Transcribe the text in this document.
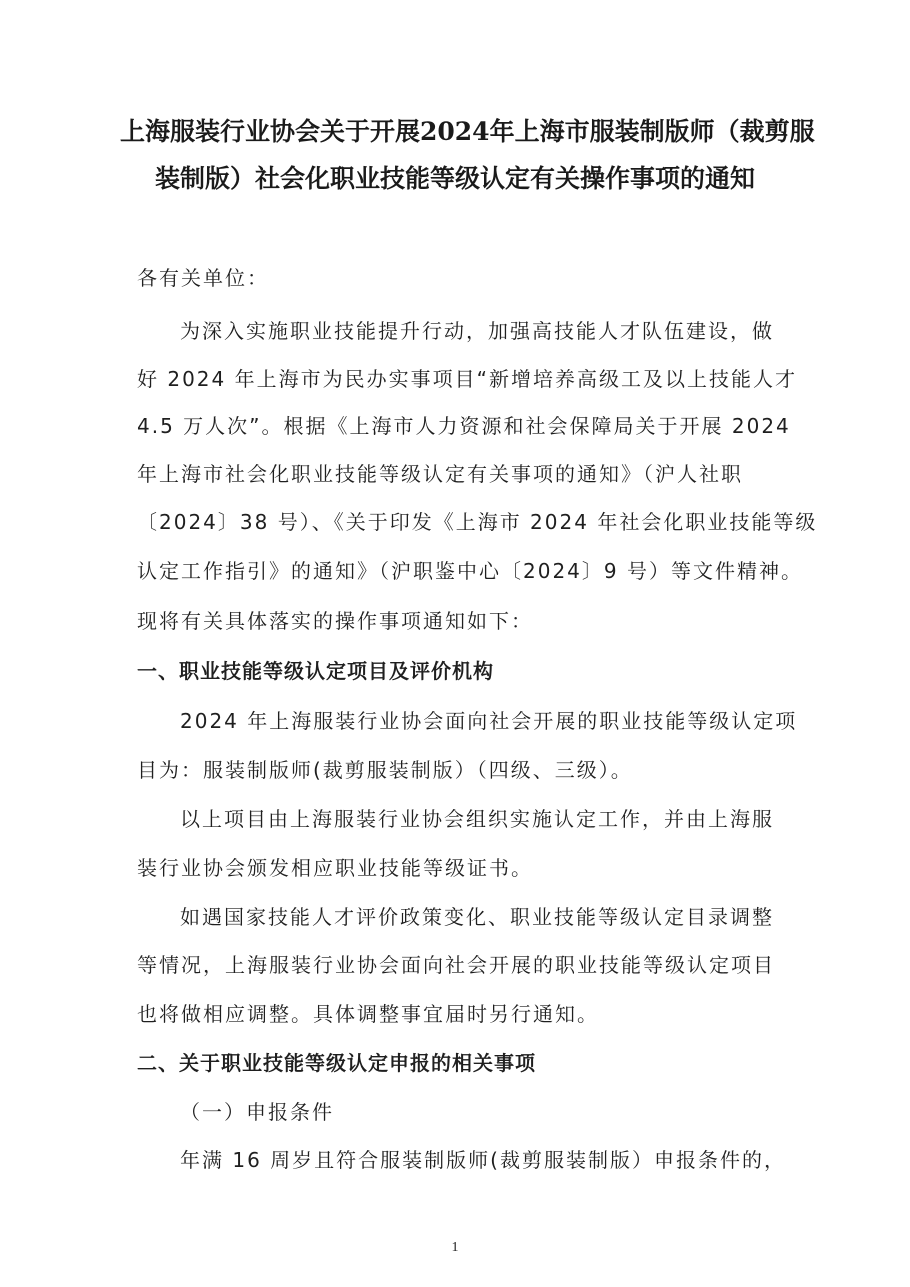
上海服装行业协会关于开展2024年上海市服装制版师（裁剪服
装制版）社会化职业技能等级认定有关操作事项的通知
各有关单位：
为深入实施职业技能提升行动，加强高技能人才队伍建设，做
好 2024 年上海市为民办实事项目“新增培养高级工及以上技能人才
4.5 万人次”。根据《上海市人力资源和社会保障局关于开展 2024
年上海市社会化职业技能等级认定有关事项的通知》（沪人社职
〔2024〕38 号）、《关于印发《上海市 2024 年社会化职业技能等级
认定工作指引》的通知》（沪职鉴中心〔2024〕9 号）等文件精神。
现将有关具体落实的操作事项通知如下：
一、职业技能等级认定项目及评价机构
2024 年上海服装行业协会面向社会开展的职业技能等级认定项
目为：服装制版师(裁剪服装制版）（四级、三级）。
以上项目由上海服装行业协会组织实施认定工作，并由上海服
装行业协会颁发相应职业技能等级证书。
如遇国家技能人才评价政策变化、职业技能等级认定目录调整
等情况，上海服装行业协会面向社会开展的职业技能等级认定项目
也将做相应调整。具体调整事宜届时另行通知。
二、关于职业技能等级认定申报的相关事项
（一）申报条件
年满 16 周岁且符合服装制版师(裁剪服装制版）申报条件的，
1
